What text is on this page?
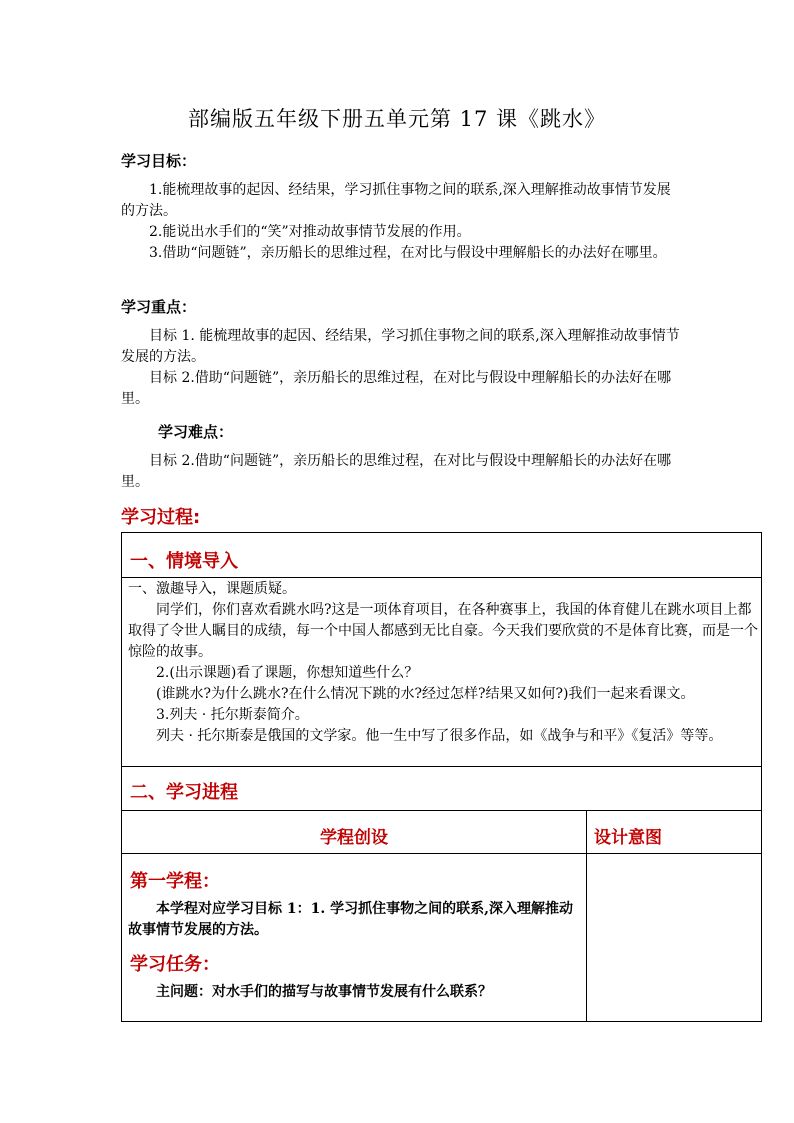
部编版五年级下册五单元第 17 课《跳水》
学习目标：
1.能梳理故事的起因、经结果，学习抓住事物之间的联系,深入理解推动故事情节发展的方法。
2.能说出水手们的“笑”对推动故事情节发展的作用。
3.借助“问题链”，亲历船长的思维过程，在对比与假设中理解船长的办法好在哪里。
学习重点：
目标 1. 能梳理故事的起因、经结果，学习抓住事物之间的联系,深入理解推动故事情节发展的方法。
目标 2.借助“问题链”，亲历船长的思维过程，在对比与假设中理解船长的办法好在哪里。
学习难点：
目标 2.借助“问题链”，亲历船长的思维过程，在对比与假设中理解船长的办法好在哪里。
学习过程:
一、情境导入
一、激趣导入，课题质疑。
同学们，你们喜欢看跳水吗?这是一项体育项目，在各种赛事上，我国的体育健儿在跳水项目上都取得了令世人瞩目的成绩，每一个中国人都感到无比自豪。今天我们要欣赏的不是体育比赛，而是一个惊险的故事。
2.(出示课题)看了课题，你想知道些什么？
(谁跳水?为什么跳水?在什么情况下跳的水?经过怎样?结果又如何?)我们一起来看课文。
3.列夫 · 托尔斯泰简介。
列夫 · 托尔斯泰是俄国的文学家。他一生中写了很多作品，如《战争与和平》《复活》等等。
二、学习进程
学程创设	设计意图
第一学程：
本学程对应学习目标 1：1. 学习抓住事物之间的联系,深入理解推动故事情节发展的方法。
学习任务：
主问题：对水手们的描写与故事情节发展有什么联系？
